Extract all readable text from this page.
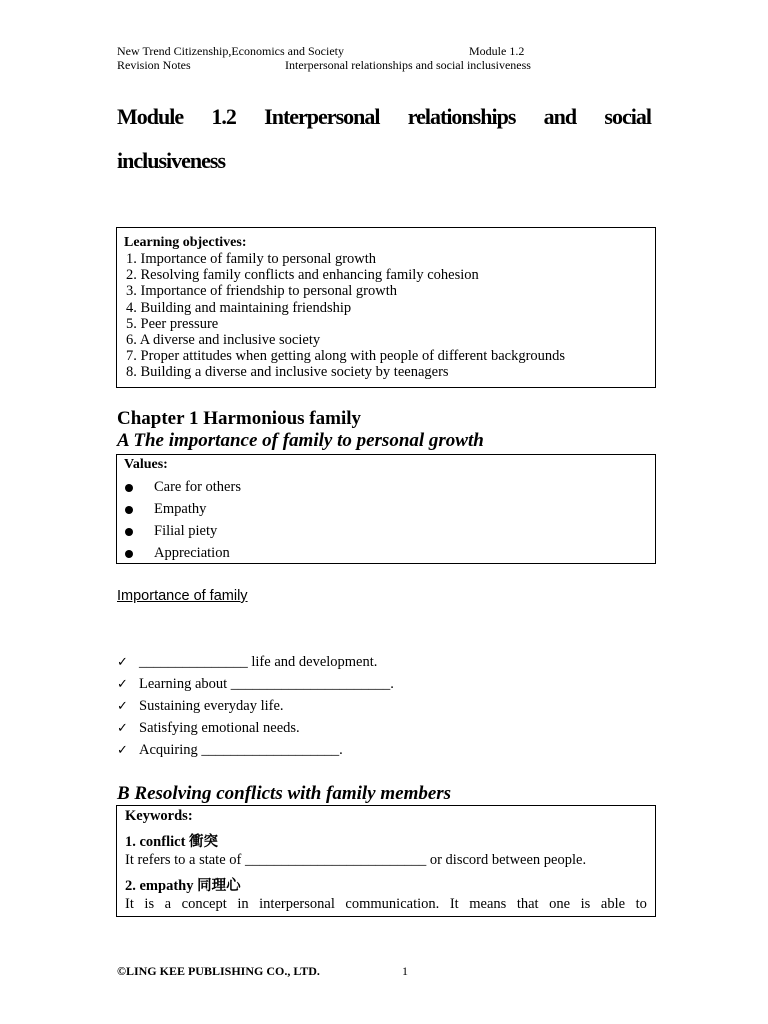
New Trend Citizenship,Economics and Society	Module 1.2
Revision Notes	Interpersonal relationships and social inclusiveness
Module 1.2 Interpersonal relationships and social
inclusiveness
Learning objectives:
1. Importance of family to personal growth
2. Resolving family conflicts and enhancing family cohesion
3. Importance of friendship to personal growth
4. Building and maintaining friendship
5. Peer pressure
6. A diverse and inclusive society
7. Proper attitudes when getting along with people of different backgrounds
8. Building a diverse and inclusive society by teenagers
Chapter 1 Harmonious family
A The importance of family to personal growth
Values:
Care for others
Empathy
Filial piety
Appreciation
Importance of family
✓ _______________ life and development.
✓ Learning about ______________________.
✓ Sustaining everyday life.
✓ Satisfying emotional needs.
✓ Acquiring ___________________.
B Resolving conflicts with family members
Keywords:
1. conflict 衝突
It refers to a state of _________________________ or discord between people.
2. empathy 同理心
It is a concept in interpersonal communication. It means that one is able to
©LING KEE PUBLISHING CO., LTD.	1
